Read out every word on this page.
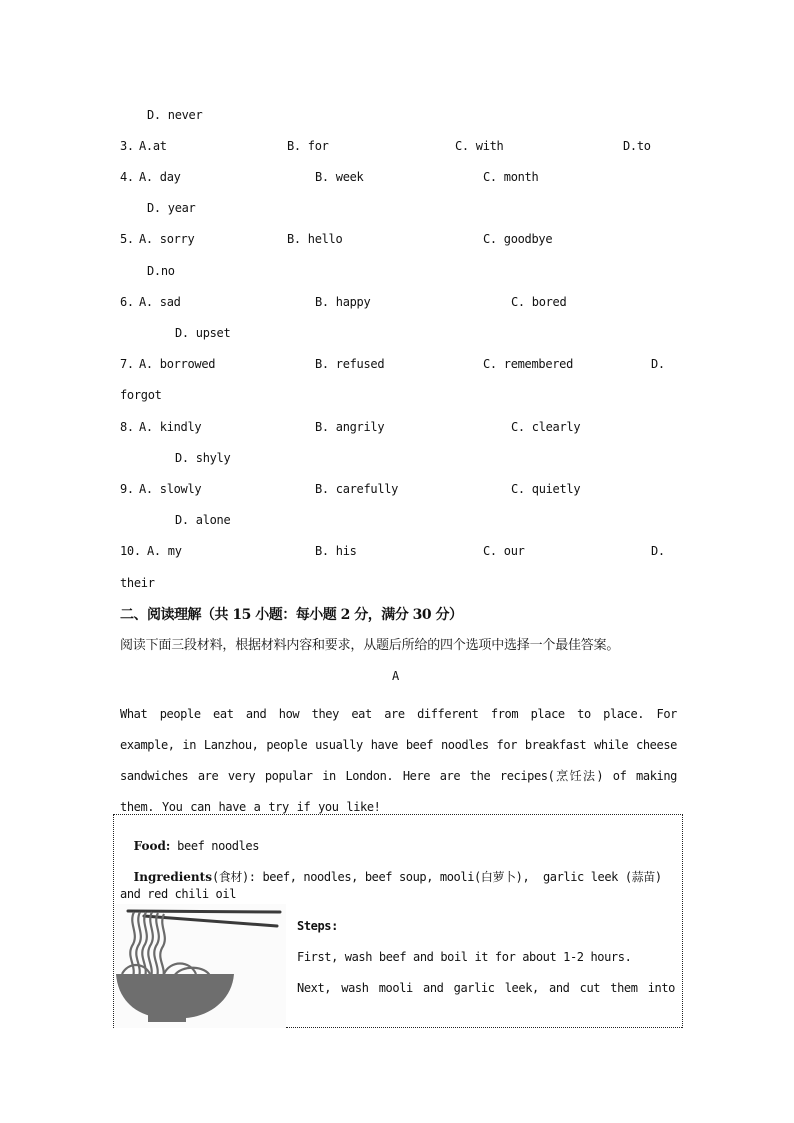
D. never
3. A.at	B. for	C. with	D.to
4. A. day	B. week	C. month
D. year
5. A. sorry	B. hello	C. goodbye
D.no
6. A. sad	B. happy	C. bored
D. upset
7. A. borrowed	B. refused	C. remembered	D.
forgot
8. A. kindly	B. angrily	C. clearly
D. shyly
9. A. slowly	B. carefully	C. quietly
D. alone
10. A. my	B. his	C. our	D.
their
二、阅读理解（共 15 小题：每小题 2 分，满分 30 分）
阅读下面三段材料，根据材料内容和要求，从题后所给的四个选项中选择一个最佳答案。
A

What people eat and how they eat are different from place to place. For example, in Lanzhou, people usually have beef noodles for breakfast while cheese sandwiches are very popular in London. Here are the recipes(烹饪法) of making them. You can have a try if you like!

Food: beef noodles

Ingredients(食材): beef, noodles, beef soup, mooli(白萝卜),  garlic leek (蒜苗)

and red chili oil
Steps:
First, wash beef and boil it for about 1-2 hours.
Next, wash mooli and garlic leek, and cut them into
